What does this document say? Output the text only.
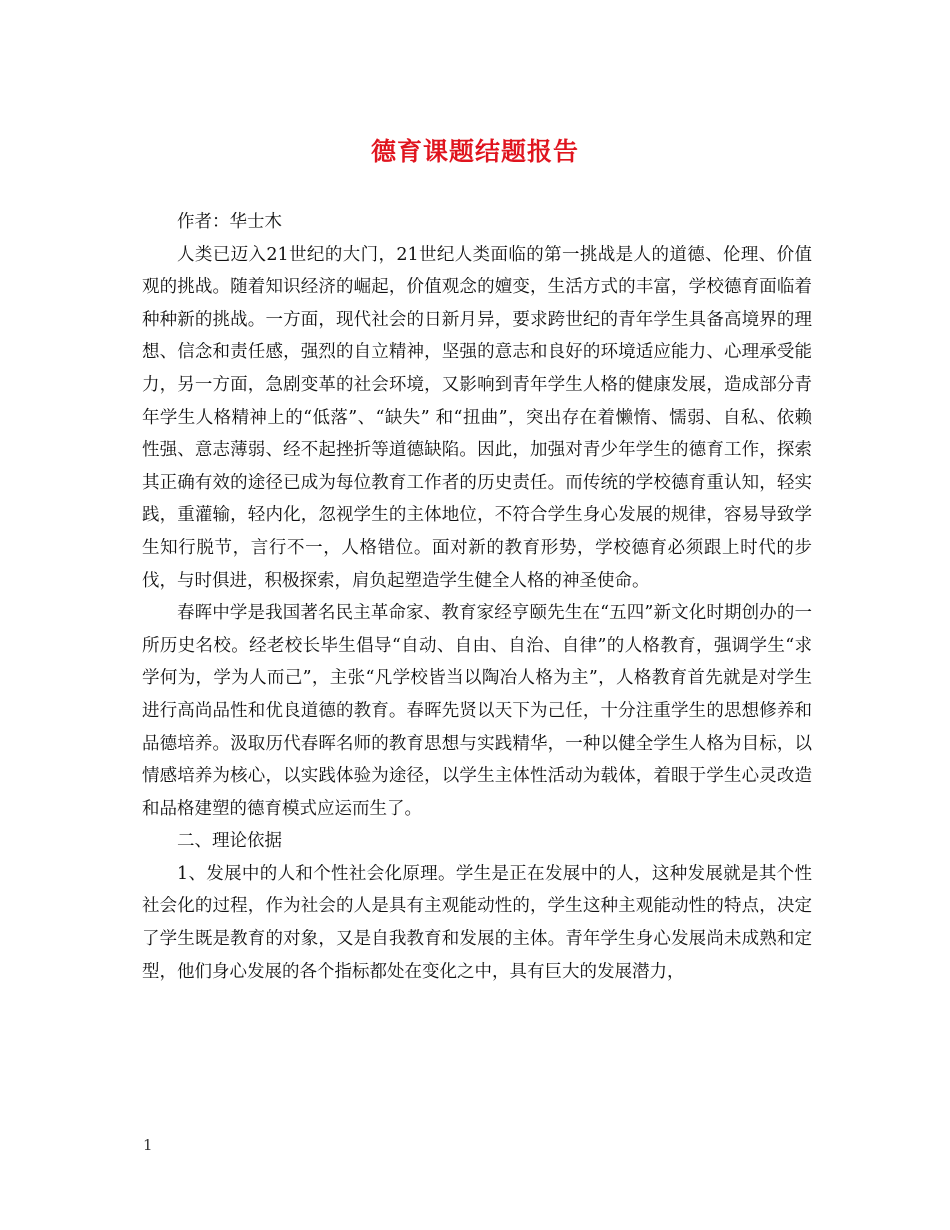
德育课题结题报告

作者：华士木

人类已迈入21世纪的大门，21世纪人类面临的第一挑战是人的道德、伦理、价值观的挑战。随着知识经济的崛起，价值观念的嬗变，生活方式的丰富，学校德育面临着种种新的挑战。一方面，现代社会的日新月异，要求跨世纪的青年学生具备高境界的理想、信念和责任感，强烈的自立精神，坚强的意志和良好的环境适应能力、心理承受能力，另一方面，急剧变革的社会环境，又影响到青年学生人格的健康发展，造成部分青年学生人格精神上的“低落”、“缺失” 和“扭曲”，突出存在着懒惰、懦弱、自私、依赖性强、意志薄弱、经不起挫折等道德缺陷。因此，加强对青少年学生的德育工作，探索其正确有效的途径已成为每位教育工作者的历史责任。而传统的学校德育重认知，轻实践，重灌输，轻内化，忽视学生的主体地位，不符合学生身心发展的规律，容易导致学生知行脱节，言行不一，人格错位。面对新的教育形势，学校德育必须跟上时代的步伐，与时俱进，积极探索，肩负起塑造学生健全人格的神圣使命。

春晖中学是我国著名民主革命家、教育家经亨颐先生在“五四”新文化时期创办的一所历史名校。经老校长毕生倡导“自动、自由、自治、自律”的人格教育，强调学生“求学何为，学为人而己”，主张“凡学校皆当以陶冶人格为主”，人格教育首先就是对学生进行高尚品性和优良道德的教育。春晖先贤以天下为己任，十分注重学生的思想修养和品德培养。汲取历代春晖名师的教育思想与实践精华，一种以健全学生人格为目标，以情感培养为核心，以实践体验为途径，以学生主体性活动为载体，着眼于学生心灵改造和品格建塑的德育模式应运而生了。

二、理论依据

1、发展中的人和个性社会化原理。学生是正在发展中的人，这种发展就是其个性社会化的过程，作为社会的人是具有主观能动性的，学生这种主观能动性的特点，决定了学生既是教育的对象，又是自我教育和发展的主体。青年学生身心发展尚未成熟和定型，他们身心发展的各个指标都处在变化之中，具有巨大的发展潜力，

1
